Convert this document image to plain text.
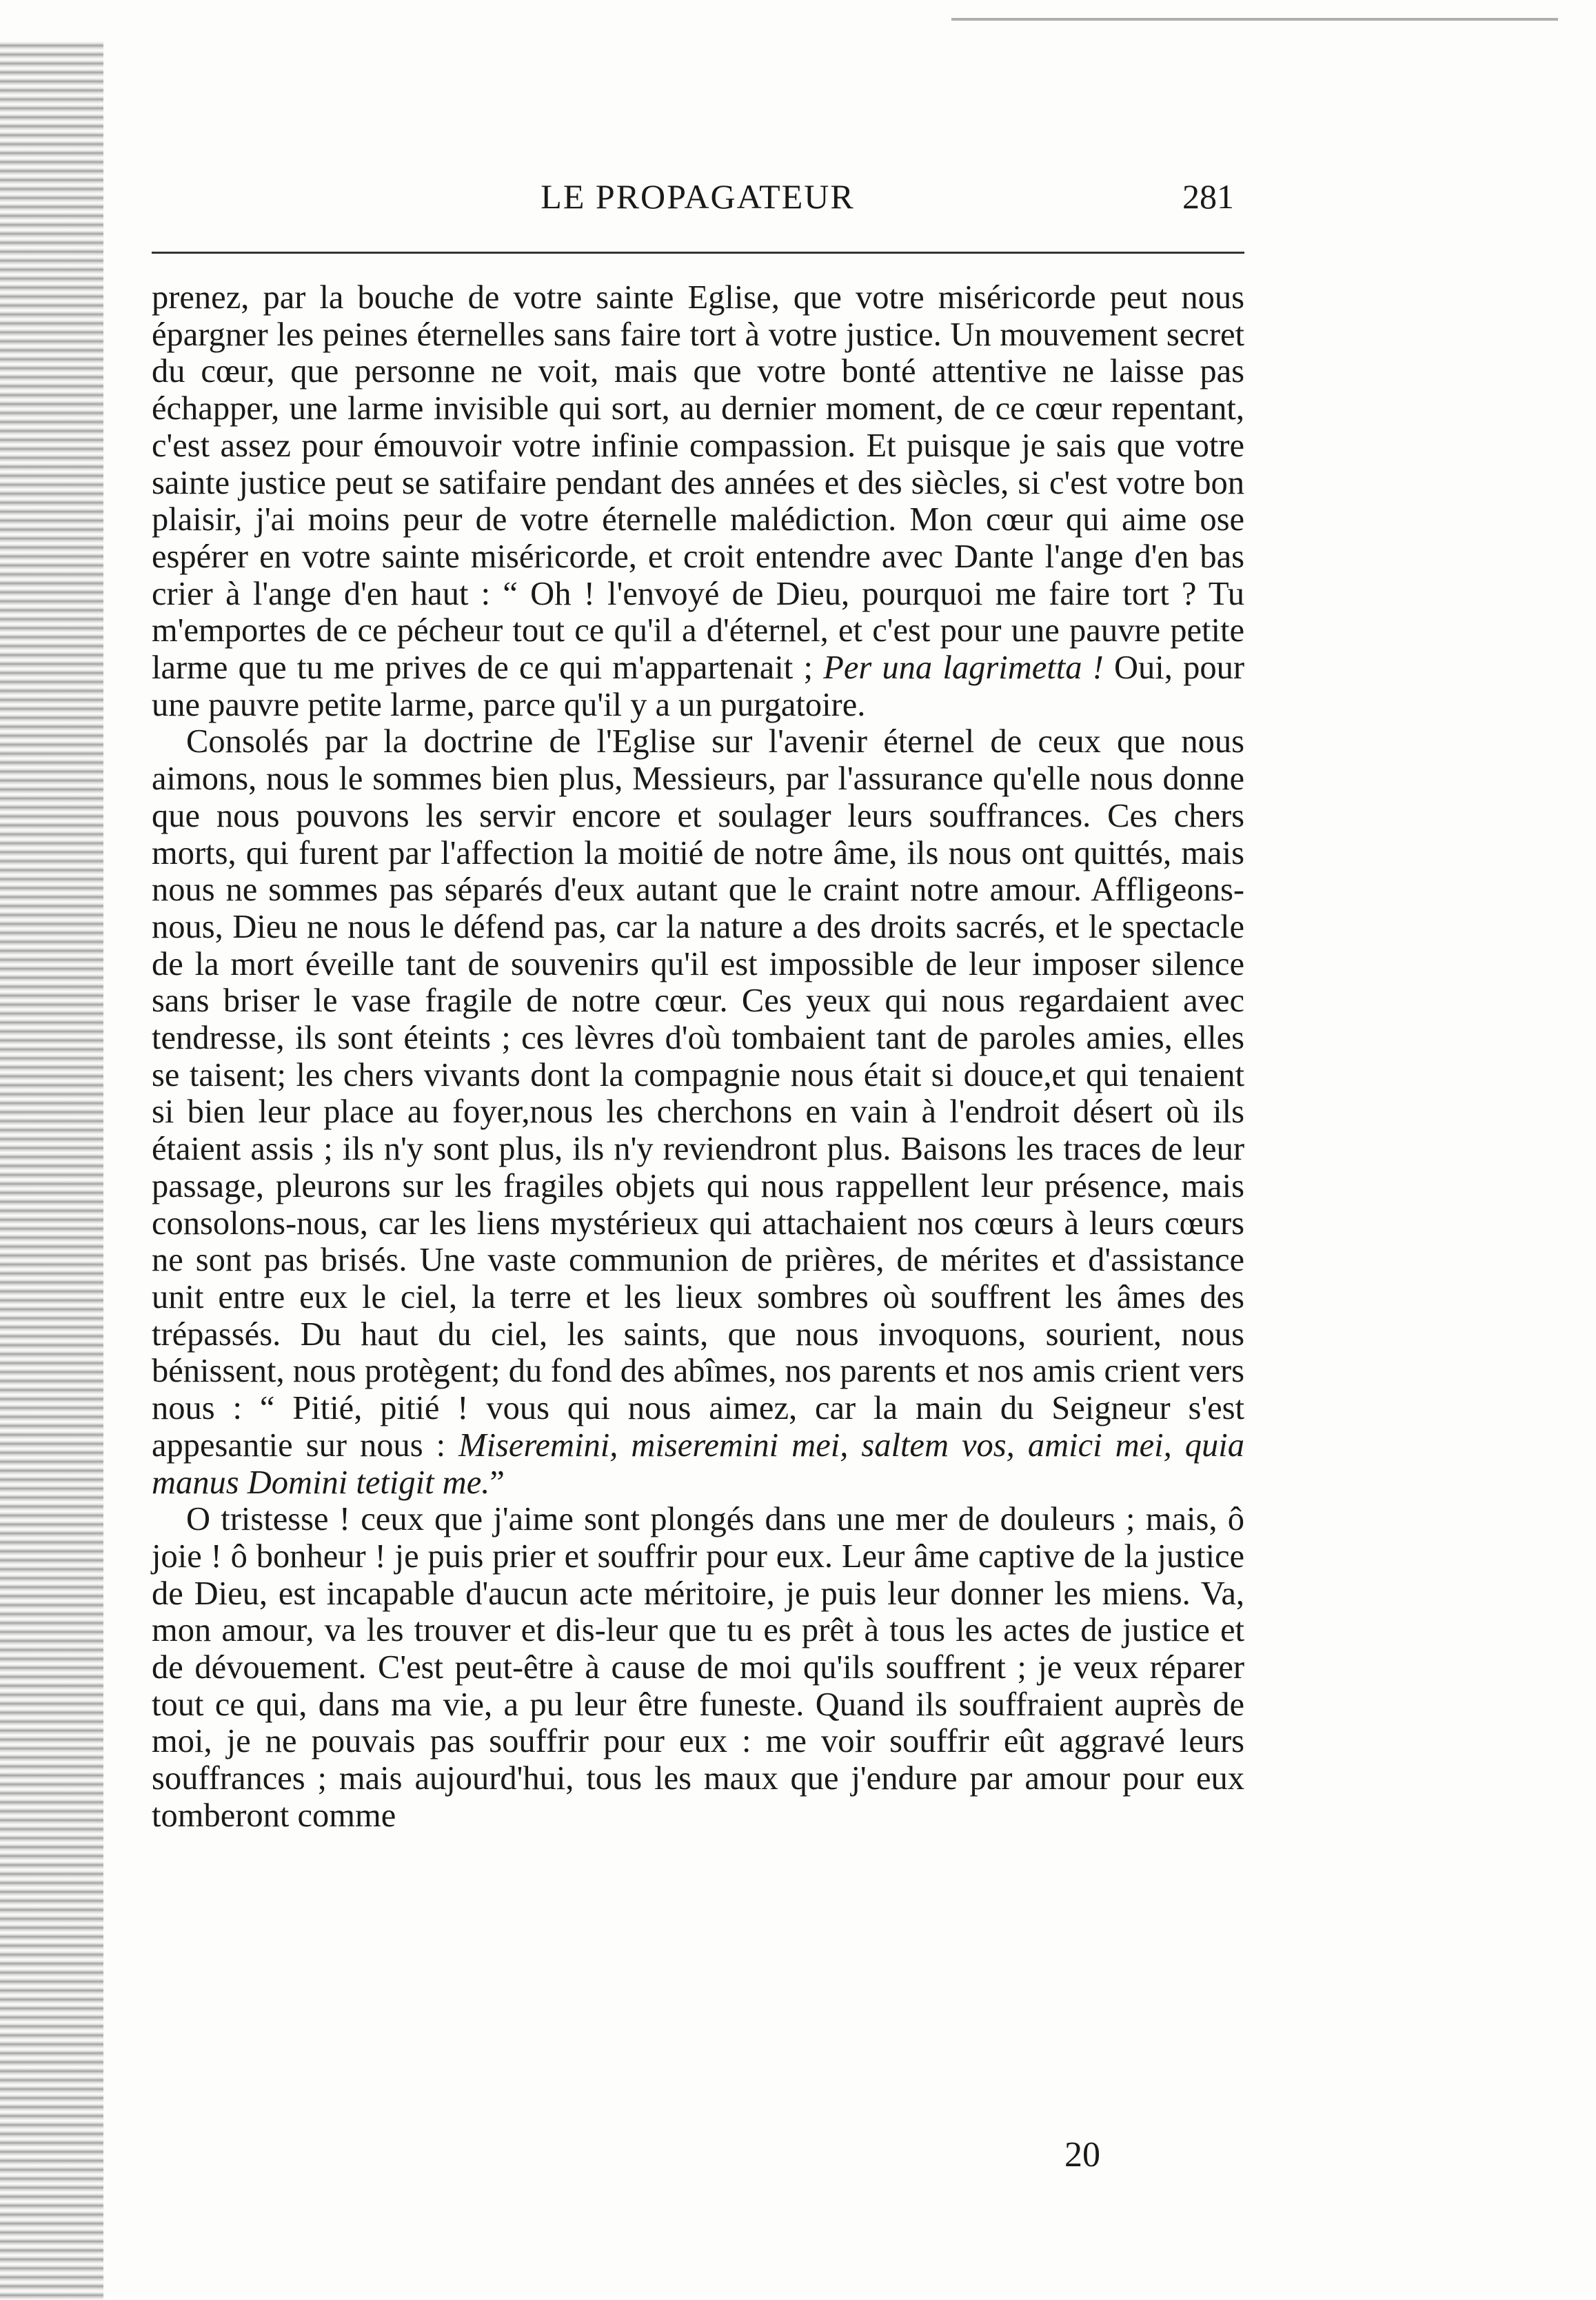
LE PROPAGATEUR	281

prenez, par la bouche de votre sainte Eglise, que votre miséricorde peut nous épargner les peines éternelles sans faire tort à votre justice. Un mouvement secret du cœur, que personne ne voit, mais que votre bonté attentive ne laisse pas échapper, une larme invisible qui sort, au dernier moment, de ce cœur repentant, c'est assez pour émouvoir votre infinie compassion. Et puisque je sais que votre sainte justice peut se satifaire pendant des années et des siècles, si c'est votre bon plaisir, j'ai moins peur de votre éternelle malédiction. Mon cœur qui aime ose espérer en votre sainte miséricorde, et croit entendre avec Dante l'ange d'en bas crier à l'ange d'en haut : “ Oh ! l'envoyé de Dieu, pourquoi me faire tort ? Tu m'emportes de ce pécheur tout ce qu'il a d'éternel, et c'est pour une pauvre petite larme que tu me prives de ce qui m'appartenait ; Per una lagrimetta ! Oui, pour une pauvre petite larme, parce qu'il y a un purgatoire.

Consolés par la doctrine de l'Eglise sur l'avenir éternel de ceux que nous aimons, nous le sommes bien plus, Messieurs, par l'assurance qu'elle nous donne que nous pouvons les servir encore et soulager leurs souffrances. Ces chers morts, qui furent par l'affection la moitié de notre âme, ils nous ont quittés, mais nous ne sommes pas séparés d'eux autant que le craint notre amour. Affligeons-nous, Dieu ne nous le défend pas, car la nature a des droits sacrés, et le spectacle de la mort éveille tant de souvenirs qu'il est impossible de leur imposer silence sans briser le vase fragile de notre cœur. Ces yeux qui nous regardaient avec tendresse, ils sont éteints ; ces lèvres d'où tombaient tant de paroles amies, elles se taisent; les chers vivants dont la compagnie nous était si douce,et qui tenaient si bien leur place au foyer,nous les cherchons en vain à l'endroit désert où ils étaient assis ; ils n'y sont plus, ils n'y reviendront plus. Baisons les traces de leur passage, pleurons sur les fragiles objets qui nous rappellent leur présence, mais consolons-nous, car les liens mystérieux qui attachaient nos cœurs à leurs cœurs ne sont pas brisés. Une vaste communion de prières, de mérites et d'assistance unit entre eux le ciel, la terre et les lieux sombres où souffrent les âmes des trépassés. Du haut du ciel, les saints, que nous invoquons, sourient, nous bénissent, nous protègent; du fond des abîmes, nos parents et nos amis crient vers nous : “ Pitié, pitié ! vous qui nous aimez, car la main du Seigneur s'est appesantie sur nous : Miseremini, miseremini mei, saltem vos, amici mei, quia manus Domini tetigit me.”

O tristesse ! ceux que j'aime sont plongés dans une mer de douleurs ; mais, ô joie ! ô bonheur ! je puis prier et souffrir pour eux. Leur âme captive de la justice de Dieu, est incapable d'aucun acte méritoire, je puis leur donner les miens. Va, mon amour, va les trouver et dis-leur que tu es prêt à tous les actes de justice et de dévouement. C'est peut-être à cause de moi qu'ils souffrent ; je veux réparer tout ce qui, dans ma vie, a pu leur être funeste. Quand ils souffraient auprès de moi, je ne pouvais pas souffrir pour eux : me voir souffrir eût aggravé leurs souffrances ; mais aujourd'hui, tous les maux que j'endure par amour pour eux tomberont comme

20
